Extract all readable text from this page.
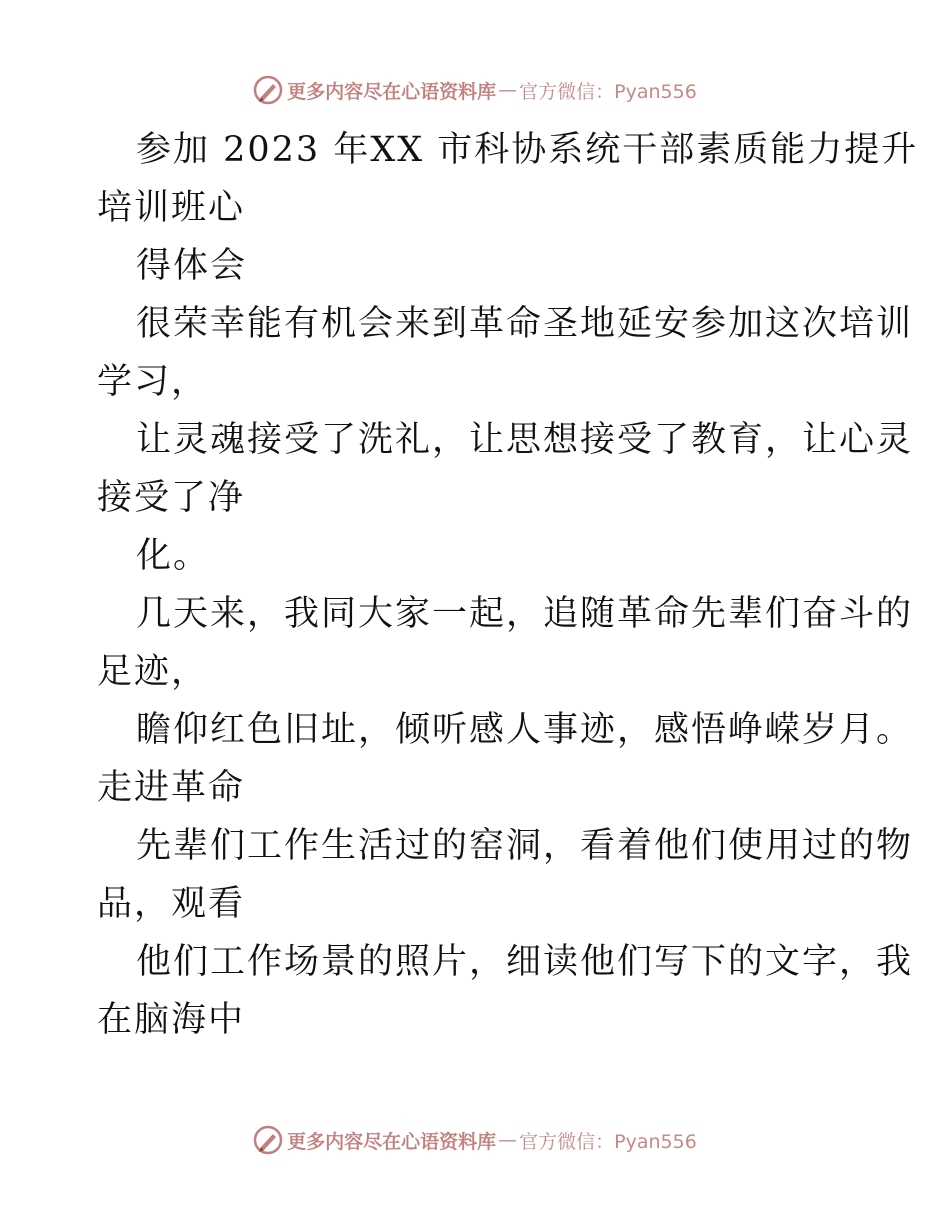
更多内容尽在心语资料库 — 官方微信：Pyan556

参加 2023 年XX 市科协系统干部素质能力提升

培训班心

得体会

很荣幸能有机会来到革命圣地延安参加这次培训

学习，

让灵魂接受了洗礼，让思想接受了教育，让心灵

接受了净

化。

几天来，我同大家一起，追随革命先辈们奋斗的

足迹，

瞻仰红色旧址，倾听感人事迹，感悟峥嵘岁月。

走进革命

先辈们工作生活过的窑洞，看着他们使用过的物

品，观看

他们工作场景的照片，细读他们写下的文字，我

在脑海中

更多内容尽在心语资料库 — 官方微信：Pyan556
